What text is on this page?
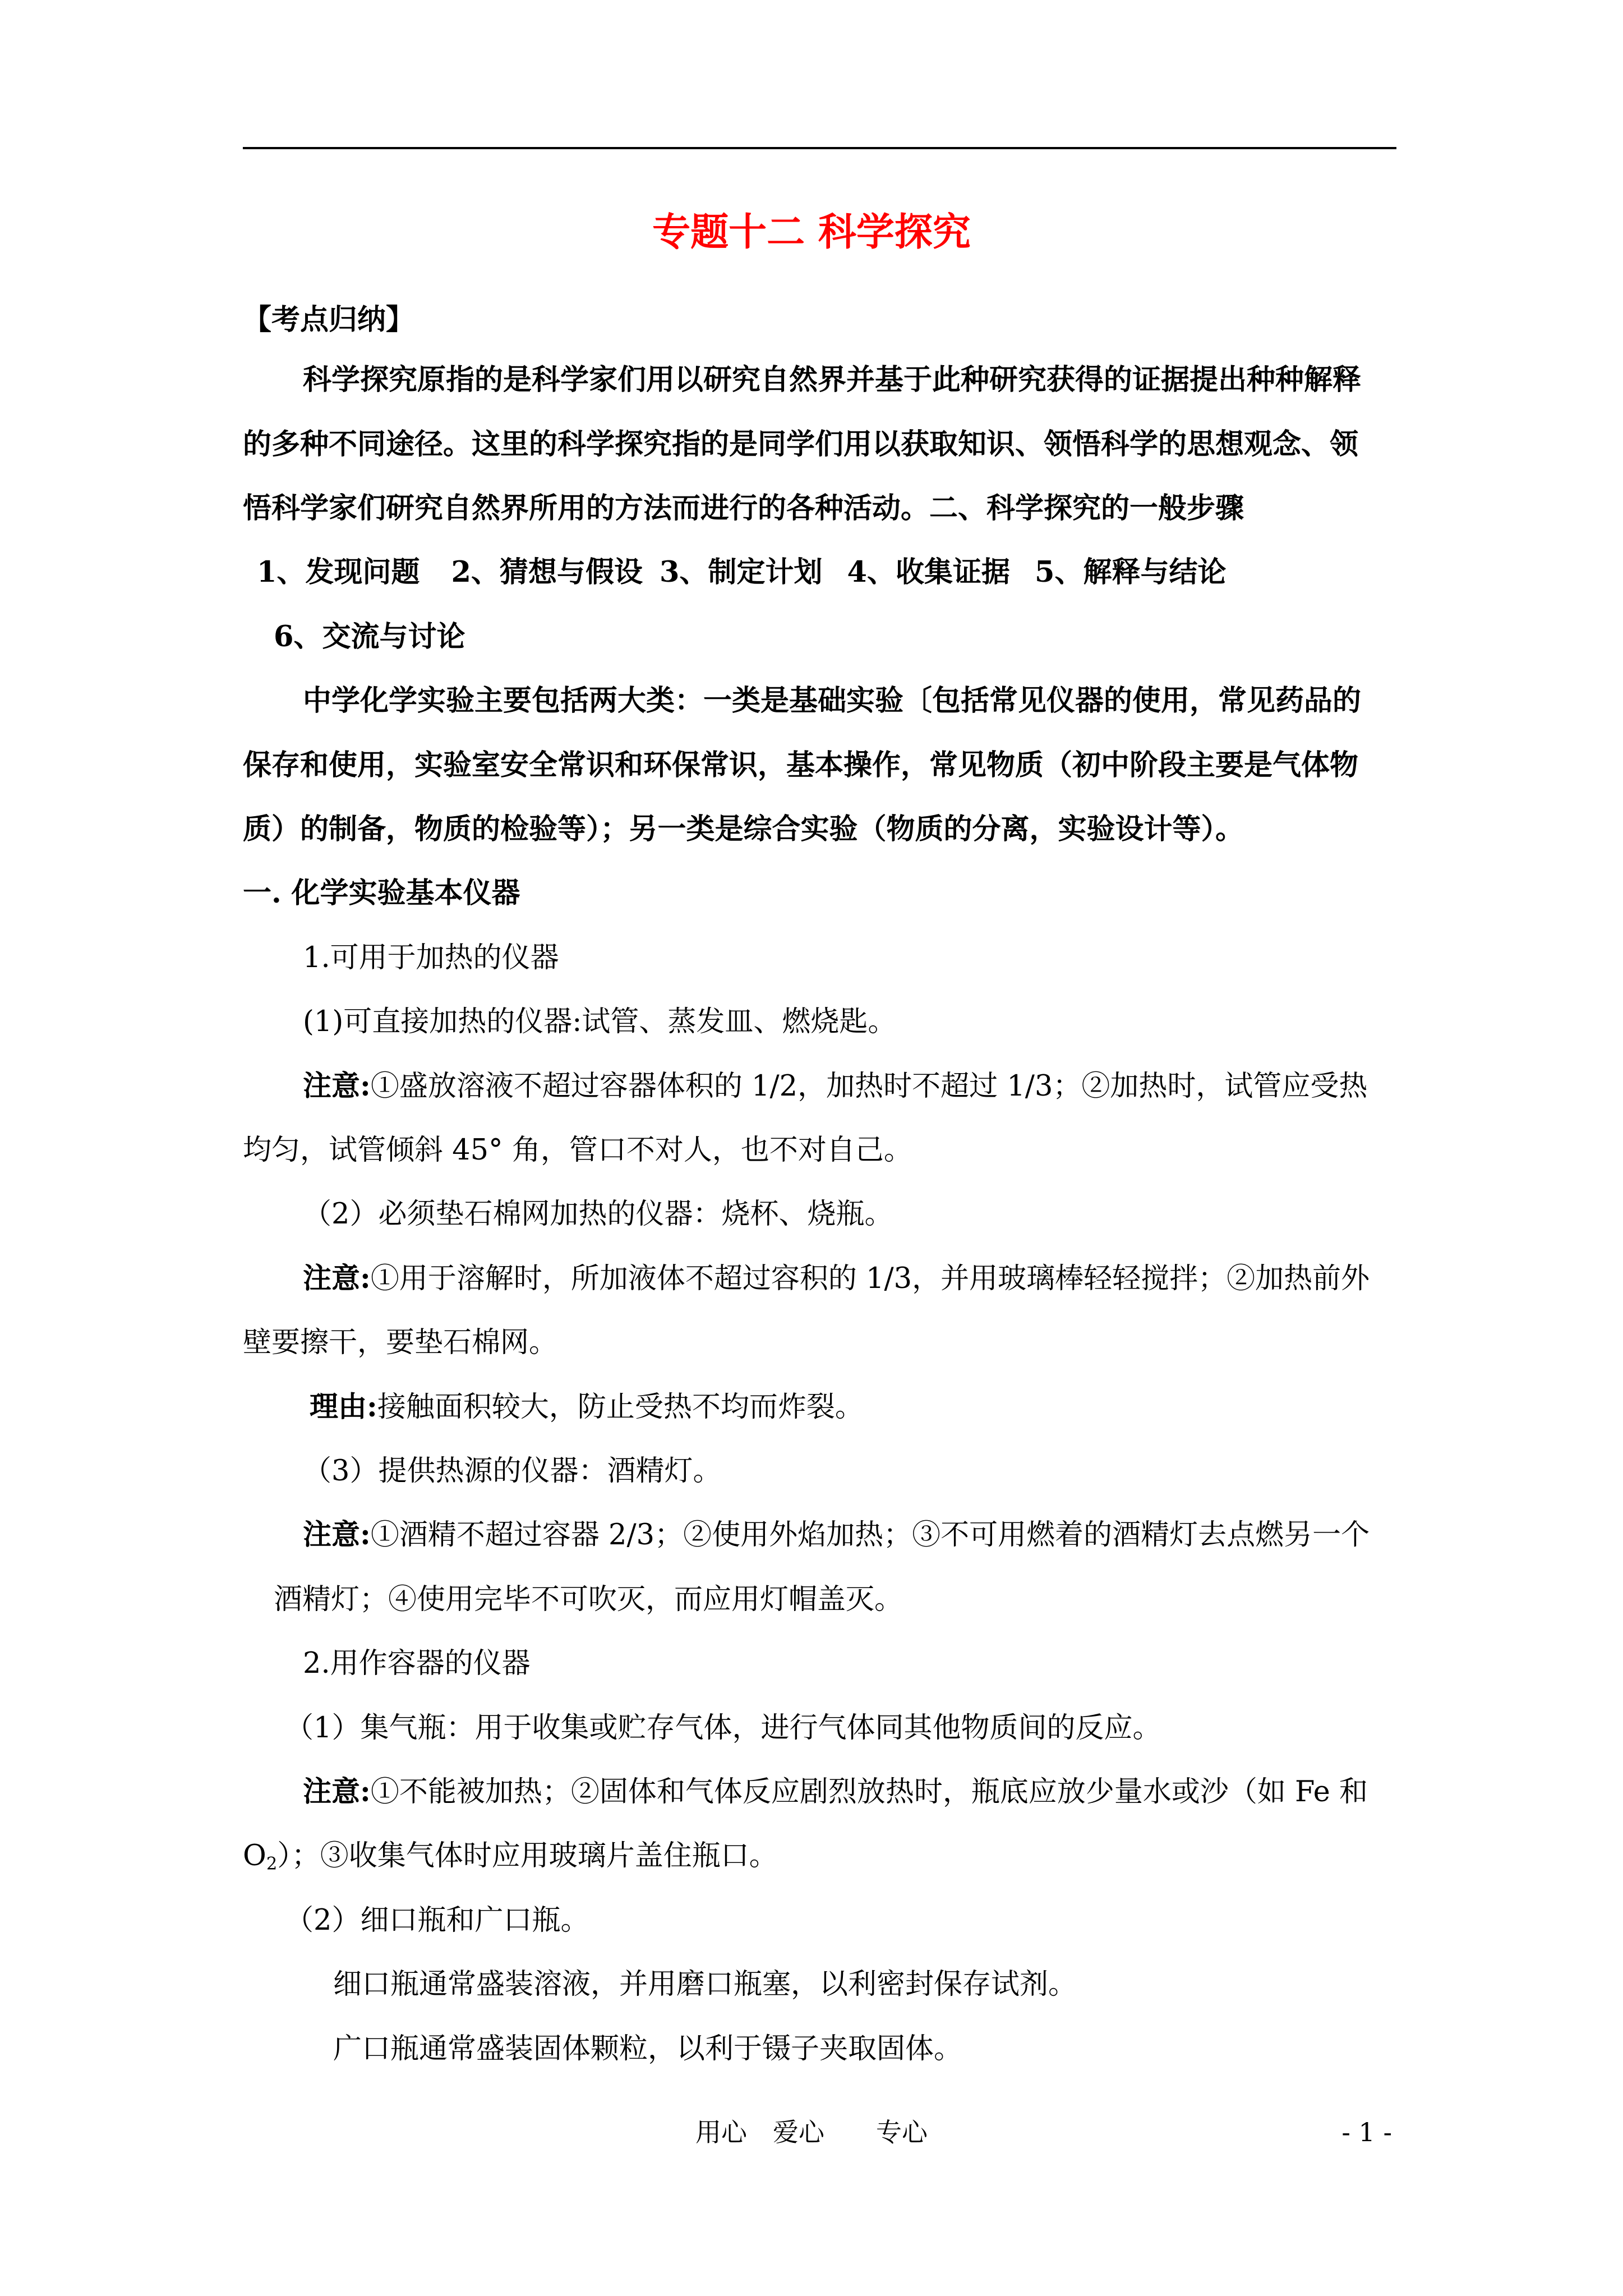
专题十二 科学探究
【考点归纳】
科学探究原指的是科学家们用以研究自然界并基于此种研究获得的证据提出种种解释
的多种不同途径。这里的科学探究指的是同学们用以获取知识、领悟科学的思想观念、领
悟科学家们研究自然界所用的方法而进行的各种活动。二、科学探究的一般步骤
1、发现问题 2、猜想与假设 3、制定计划 4、收集证据 5、解释与结论
6、交流与讨论
中学化学实验主要包括两大类：一类是基础实验〔包括常见仪器的使用，常见药品的
保存和使用，实验室安全常识和环保常识，基本操作，常见物质（初中阶段主要是气体物
质）的制备，物质的检验等）；另一类是综合实验（物质的分离，实验设计等）。
一. 化学实验基本仪器
1.可用于加热的仪器
(1)可直接加热的仪器:试管、蒸发皿、燃烧匙。
注意:①盛放溶液不超过容器体积的 1/2，加热时不超过 1/3；②加热时，试管应受热
均匀，试管倾斜 45° 角，管口不对人，也不对自己。
（2）必须垫石棉网加热的仪器：烧杯、烧瓶。
注意:①用于溶解时，所加液体不超过容积的 1/3，并用玻璃棒轻轻搅拌；②加热前外
壁要擦干，要垫石棉网。
理由:接触面积较大，防止受热不均而炸裂。
（3）提供热源的仪器：酒精灯。
注意:①酒精不超过容器 2/3；②使用外焰加热；③不可用燃着的酒精灯去点燃另一个
酒精灯；④使用完毕不可吹灭，而应用灯帽盖灭。
2.用作容器的仪器
（1）集气瓶：用于收集或贮存气体，进行气体同其他物质间的反应。
注意:①不能被加热；②固体和气体反应剧烈放热时，瓶底应放少量水或沙（如 Fe 和
$O_2$）；③收集气体时应用玻璃片盖住瓶口。
（2）细口瓶和广口瓶。
细口瓶通常盛装溶液，并用磨口瓶塞，以利密封保存试剂。
广口瓶通常盛装固体颗粒，以利于镊子夹取固体。
用心　爱心　　专心	- 1 -
